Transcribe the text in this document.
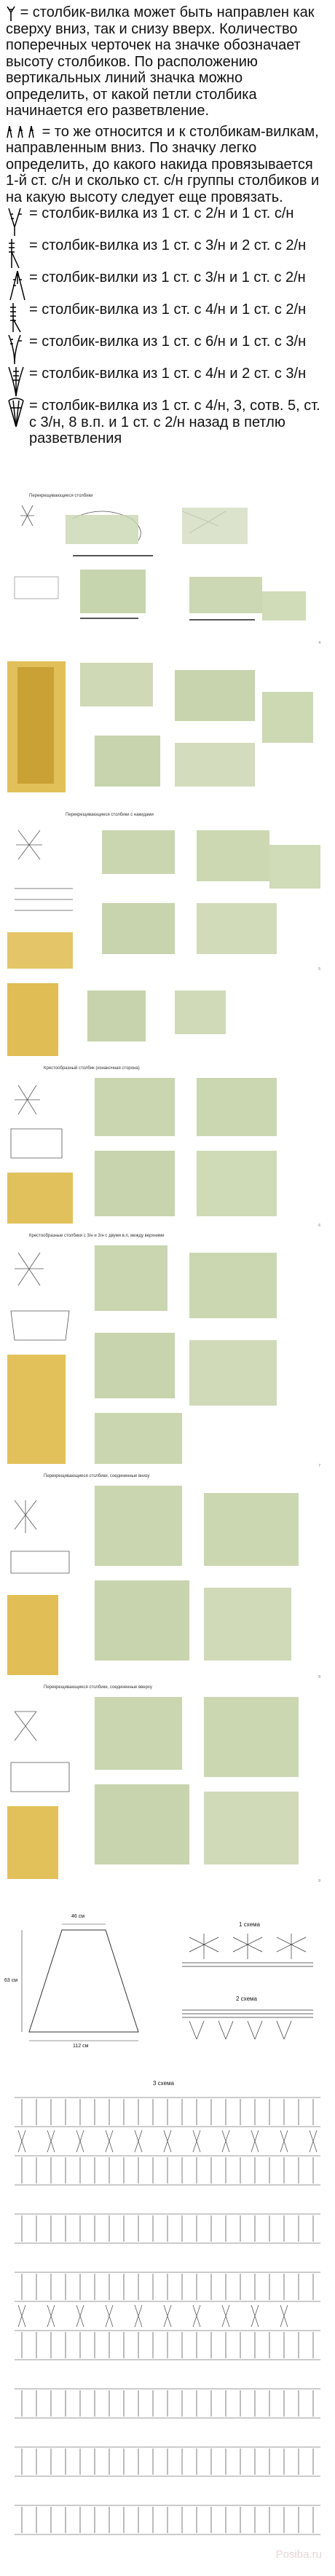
= столбик-вилка может быть направлен как сверху вниз, так и снизу вверх. Количество поперечных черточек на значке обозначает высоту столбиков. По расположению вертикальных линий значка можно определить, от какой петли столбика начинается его разветвление.

= то же относится и к столбикам-вилкам, направленным вниз. По значку легко определить, до какого накида провязывается 1-й ст. с/н и сколько ст. с/н группы столбиков и на какую высоту следует еще провязать.

= столбик-вилка из 1 ст. с 2/н и 1 ст. с/н
= столбик-вилка из 1 ст. с 3/н и 2 ст. с 2/н
= столбик-вилки из 1 ст. с 3/н и 1 ст. с 2/н
= столбик-вилка из 1 ст. с 4/н и 1 ст. с 2/н
= столбик-вилка из 1 ст. с 6/н и 1 ст. с 3/н
= столбик-вилка из 1 ст. с 4/н и 2 ст. с 3/н
= столбик-вилка из 1 ст. с 4/н, 3, сотв. 5, ст. с 3/н, 8 в.п. и 1 ст. с 2/н назад в петлю разветвления
Перекрещивающиеся столбики
4
Перекрещивающиеся столбики с накидами
5
Крестообразный столбик (изнаночная сторона)
6
Крестообразные столбики с 3/н и 3/н с двумя в.п. между верхними
7
Перекрещивающиеся столбики, соединенные внизу
8
Перекрещивающиеся столбики, соединенные вверху
9
46 см
63 см
112 см
1 схема
2 схема
3 схема
Posiba.ru
